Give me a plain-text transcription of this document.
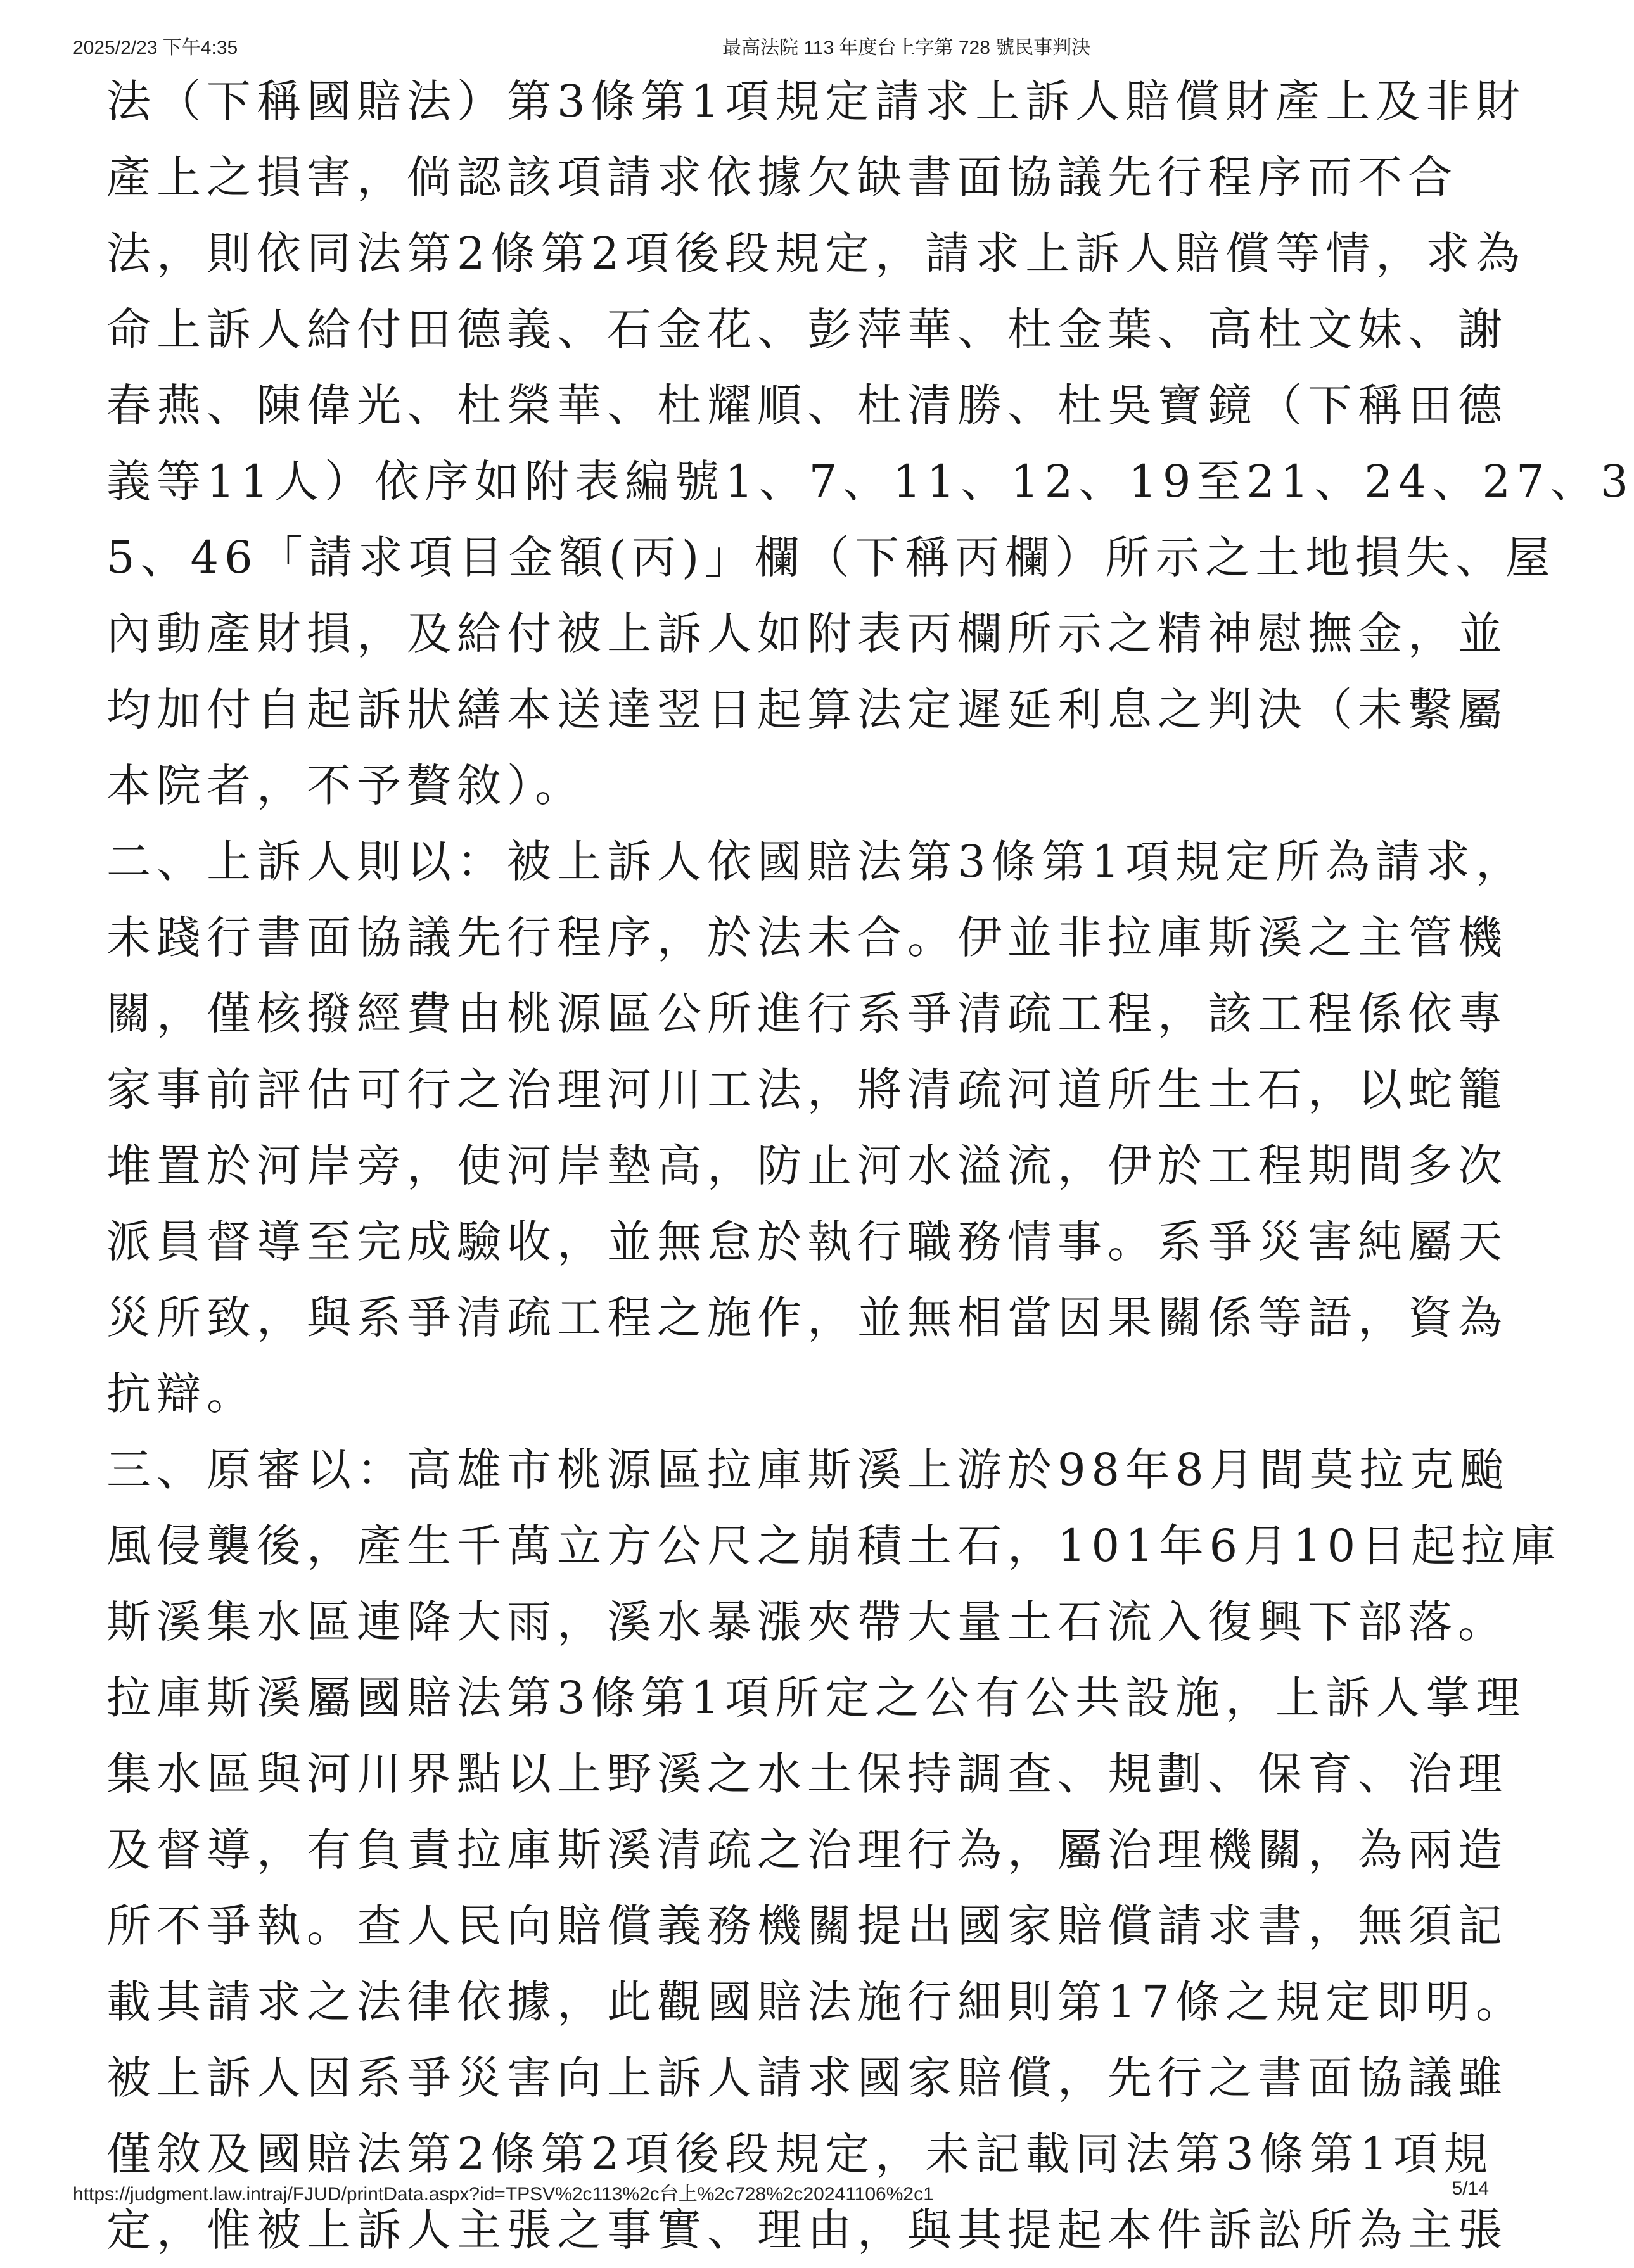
2025/2/23 下午4:35	最高法院 113 年度台上字第 728 號民事判決
法（下稱國賠法）第3條第1項規定請求上訴人賠償財產上及非財
產上之損害，倘認該項請求依據欠缺書面協議先行程序而不合
法，則依同法第2條第2項後段規定，請求上訴人賠償等情，求為
命上訴人給付田德義、石金花、彭萍華、杜金葉、高杜文妹、謝
春燕、陳偉光、杜榮華、杜耀順、杜清勝、杜吳寶鏡（下稱田德
義等11人）依序如附表編號1、7、11、12、19至21、24、27、3
5、46「請求項目金額(丙)」欄（下稱丙欄）所示之土地損失、屋
內動產財損，及給付被上訴人如附表丙欄所示之精神慰撫金，並
均加付自起訴狀繕本送達翌日起算法定遲延利息之判決（未繫屬
本院者，不予贅敘）。
二、上訴人則以：被上訴人依國賠法第3條第1項規定所為請求，
未踐行書面協議先行程序，於法未合。伊並非拉庫斯溪之主管機
關，僅核撥經費由桃源區公所進行系爭清疏工程，該工程係依專
家事前評估可行之治理河川工法，將清疏河道所生土石，以蛇籠
堆置於河岸旁，使河岸墊高，防止河水溢流，伊於工程期間多次
派員督導至完成驗收，並無怠於執行職務情事。系爭災害純屬天
災所致，與系爭清疏工程之施作，並無相當因果關係等語，資為
抗辯。
三、原審以：高雄市桃源區拉庫斯溪上游於98年8月間莫拉克颱
風侵襲後，產生千萬立方公尺之崩積土石，101年6月10日起拉庫
斯溪集水區連降大雨，溪水暴漲夾帶大量土石流入復興下部落。
拉庫斯溪屬國賠法第3條第1項所定之公有公共設施，上訴人掌理
集水區與河川界點以上野溪之水土保持調查、規劃、保育、治理
及督導，有負責拉庫斯溪清疏之治理行為，屬治理機關，為兩造
所不爭執。查人民向賠償義務機關提出國家賠償請求書，無須記
載其請求之法律依據，此觀國賠法施行細則第17條之規定即明。
被上訴人因系爭災害向上訴人請求國家賠償，先行之書面協議雖
僅敘及國賠法第2條第2項後段規定，未記載同法第3條第1項規
定，惟被上訴人主張之事實、理由，與其提起本件訴訟所為主張
https://judgment.law.intraj/FJUD/printData.aspx?id=TPSV%2c113%2c台上%2c728%2c20241106%2c1	5/14
